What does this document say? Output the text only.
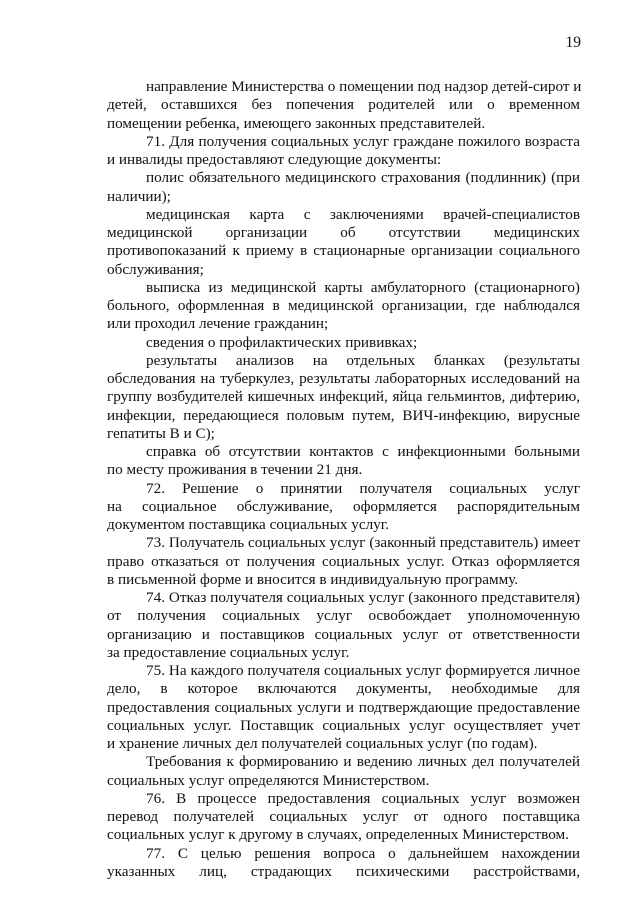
19
направление Министерства о помещении под надзор детей-сирот и
детей, оставшихся без попечения родителей или о временном
помещении ребенка, имеющего законных представителей.
71. Для получения социальных услуг граждане пожилого возраста
и инвалиды предоставляют следующие документы:
полис обязательного медицинского страхования (подлинник) (при
наличии);
медицинская карта с заключениями врачей-специалистов
медицинской организации об отсутствии медицинских
противопоказаний к приему в стационарные организации социального
обслуживания;
выписка из медицинской карты амбулаторного (стационарного)
больного, оформленная в медицинской организации, где наблюдался
или проходил лечение гражданин;
сведения о профилактических прививках;
результаты анализов на отдельных бланках (результаты
обследования на туберкулез, результаты лабораторных исследований на
группу возбудителей кишечных инфекций, яйца гельминтов, дифтерию,
инфекции, передающиеся половым путем, ВИЧ-инфекцию, вирусные
гепатиты В и С);
справка об отсутствии контактов с инфекционными больными
по месту проживания в течении 21 дня.
72. Решение о принятии получателя социальных услуг
на социальное обслуживание, оформляется распорядительным
документом поставщика социальных услуг.
73. Получатель социальных услуг (законный представитель) имеет
право отказаться от получения социальных услуг. Отказ оформляется
в письменной форме и вносится в индивидуальную программу.
74. Отказ получателя социальных услуг (законного представителя)
от получения социальных услуг освобождает уполномоченную
организацию и поставщиков социальных услуг от ответственности
за предоставление социальных услуг.
75. На каждого получателя социальных услуг формируется личное
дело, в которое включаются документы, необходимые для
предоставления социальных услуги и подтверждающие предоставление
социальных услуг. Поставщик социальных услуг осуществляет учет
и хранение личных дел получателей социальных услуг (по годам).
Требования к формированию и ведению личных дел получателей
социальных услуг определяются Министерством.
76. В процессе предоставления социальных услуг возможен
перевод получателей социальных услуг от одного поставщика
социальных услуг к другому в случаях, определенных Министерством.
77. С целью решения вопроса о дальнейшем нахождении
указанных лиц, страдающих психическими расстройствами,
